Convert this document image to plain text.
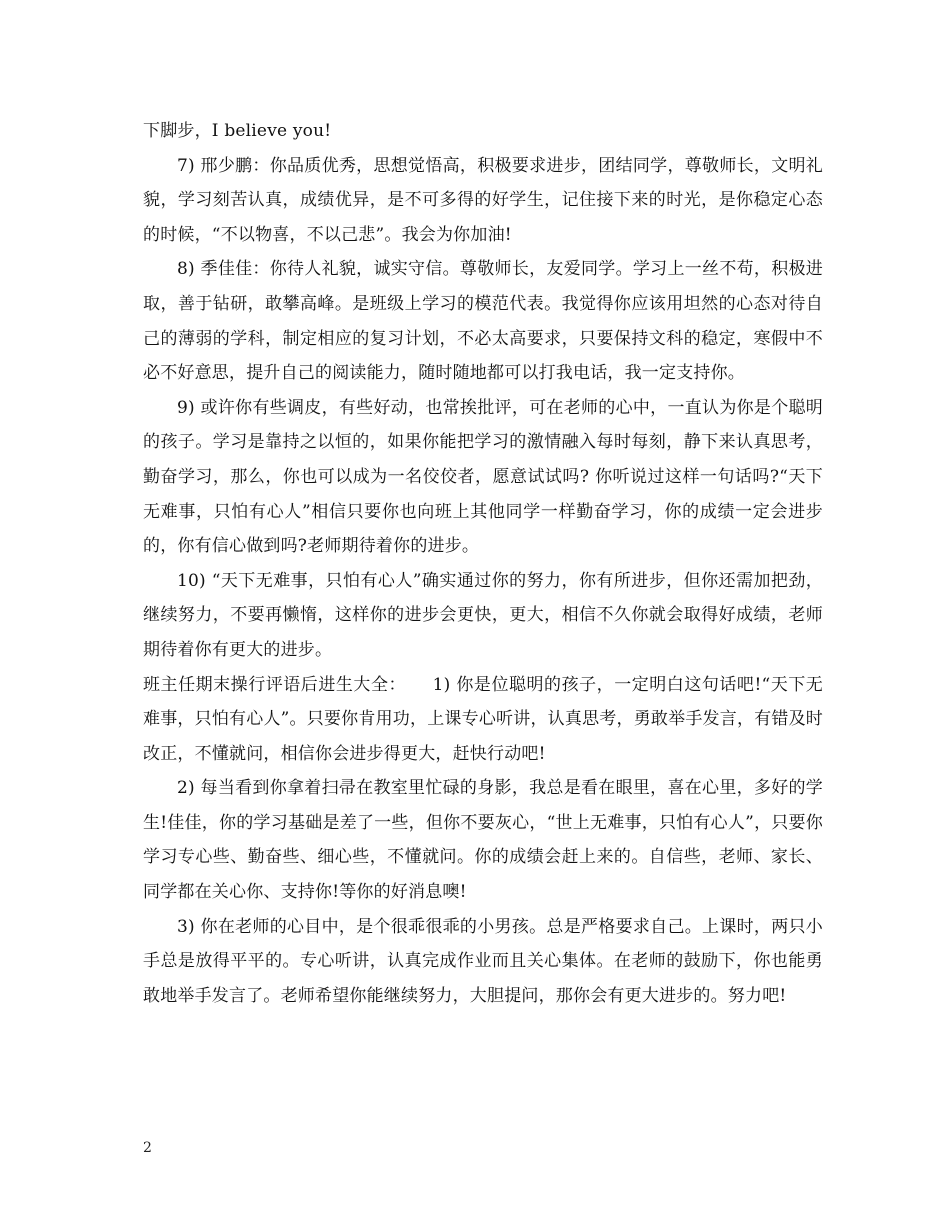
下脚步，I believe you!

7) 邢少鹏：你品质优秀，思想觉悟高，积极要求进步，团结同学，尊敬师长，文明礼貌，学习刻苦认真，成绩优异，是不可多得的好学生，记住接下来的时光，是你稳定心态的时候，“不以物喜，不以己悲”。我会为你加油!

8) 季佳佳：你待人礼貌，诚实守信。尊敬师长，友爱同学。学习上一丝不苟，积极进取，善于钻研，敢攀高峰。是班级上学习的模范代表。我觉得你应该用坦然的心态对待自己的薄弱的学科，制定相应的复习计划，不必太高要求，只要保持文科的稳定，寒假中不必不好意思，提升自己的阅读能力，随时随地都可以打我电话，我一定支持你。

9) 或许你有些调皮，有些好动，也常挨批评，可在老师的心中，一直认为你是个聪明的孩子。学习是靠持之以恒的，如果你能把学习的激情融入每时每刻，静下来认真思考，勤奋学习，那么，你也可以成为一名佼佼者，愿意试试吗? 你听说过这样一句话吗?“天下无难事，只怕有心人”相信只要你也向班上其他同学一样勤奋学习，你的成绩一定会进步的，你有信心做到吗?老师期待着你的进步。

10) “天下无难事，只怕有心人”确实通过你的努力，你有所进步，但你还需加把劲，继续努力，不要再懒惰，这样你的进步会更快，更大，相信不久你就会取得好成绩，老师期待着你有更大的进步。

班主任期末操行评语后进生大全：　　1) 你是位聪明的孩子，一定明白这句话吧!“天下无难事，只怕有心人”。只要你肯用功，上课专心听讲，认真思考，勇敢举手发言，有错及时改正，不懂就问，相信你会进步得更大，赶快行动吧!

2) 每当看到你拿着扫帚在教室里忙碌的身影，我总是看在眼里，喜在心里，多好的学生!佳佳，你的学习基础是差了一些，但你不要灰心，“世上无难事，只怕有心人”，只要你学习专心些、勤奋些、细心些，不懂就问。你的成绩会赶上来的。自信些，老师、家长、同学都在关心你、支持你!等你的好消息噢!

3) 你在老师的心目中，是个很乖很乖的小男孩。总是严格要求自己。上课时，两只小手总是放得平平的。专心听讲，认真完成作业而且关心集体。在老师的鼓励下，你也能勇敢地举手发言了。老师希望你能继续努力，大胆提问，那你会有更大进步的。努力吧!

2
